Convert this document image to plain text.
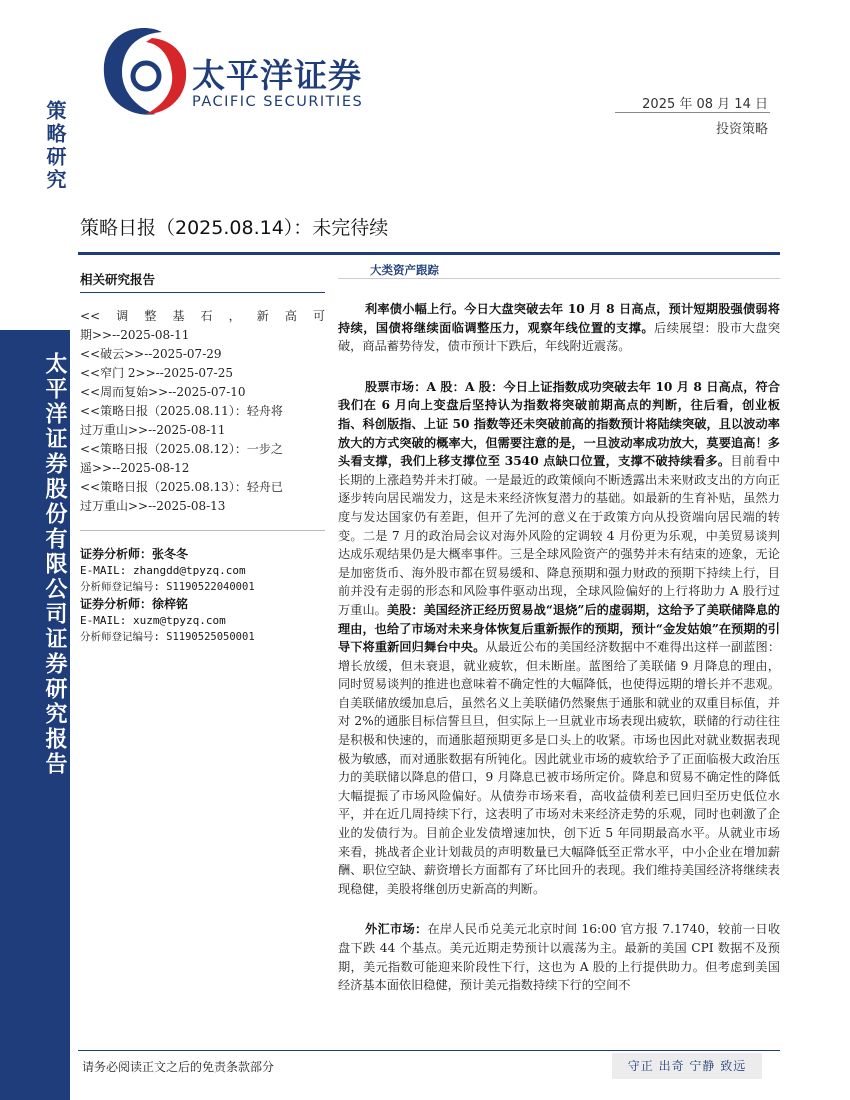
策略研究
太平洋证券股份有限公司证券研究报告
太平洋证券
PACIFIC SECURITIES	2025 年 08 月 14 日
投资策略
策略日报（2025.08.14）：未完待续
相关研究报告

<<调整基石，新高可

期>>--2025-08-11

<<破云>>--2025-07-29

<<窄门 2>>--2025-07-25

<<周而复始>>--2025-07-10

<<策略日报（2025.08.11）：轻舟将

过万重山>>--2025-08-11

<<策略日报（2025.08.12）：一步之

遥>>--2025-08-12

<<策略日报（2025.08.13）：轻舟已

过万重山>>--2025-08-13

证券分析师：张冬冬
E-MAIL: zhangdd@tpyzq.com
分析师登记编号: S1190522040001
证券分析师：徐梓铭
E-MAIL: xuzm@tpyzq.com
分析师登记编号: S1190525050001
大类资产跟踪

利率债小幅上行。今日大盘突破去年 10 月 8 日高点，预计短期股强债弱将持续，国债将继续面临调整压力，观察年线位置的支撑。后续展望：股市大盘突破，商品蓄势待发，债市预计下跌后，年线附近震荡。

股票市场：A 股：A 股：今日上证指数成功突破去年 10 月 8 日高点，符合我们在 6 月向上变盘后坚持认为指数将突破前期高点的判断，往后看，创业板指、科创版指、上证 50 指数等还未突破前高的指数预计将陆续突破，且以波动率放大的方式突破的概率大，但需要注意的是，一旦波动率成功放大，莫要追高！多头看支撑，我们上移支撑位至 3540 点缺口位置，支撑不破持续看多。目前看中长期的上涨趋势并未打破。一是最近的政策倾向不断透露出未来财政支出的方向正逐步转向居民端发力，这是未来经济恢复潜力的基础。如最新的生育补贴，虽然力度与发达国家仍有差距，但开了先河的意义在于政策方向从投资端向居民端的转变。二是 7 月的政治局会议对海外风险的定调较 4 月份更为乐观，中美贸易谈判达成乐观结果仍是大概率事件。三是全球风险资产的强势并未有结束的迹象，无论是加密货币、海外股市都在贸易缓和、降息预期和强力财政的预期下持续上行，目前并没有走弱的形态和风险事件驱动出现，全球风险偏好的上行将助力 A 股行过万重山。美股：美国经济正经历贸易战“退烧”后的虚弱期，这给予了美联储降息的理由，也给了市场对未来身体恢复后重新振作的预期，预计“金发姑娘”在预期的引导下将重新回归舞台中央。从最近公布的美国经济数据中不难得出这样一副蓝图：增长放缓，但未衰退，就业疲软，但未断崖。蓝图给了美联储 9 月降息的理由，同时贸易谈判的推进也意味着不确定性的大幅降低，也使得远期的增长并不悲观。自美联储放缓加息后，虽然名义上美联储仍然聚焦于通胀和就业的双重目标值，并对 2%的通胀目标信誓旦旦，但实际上一旦就业市场表现出疲软，联储的行动往往是积极和快速的，而通胀超预期更多是口头上的收紧。市场也因此对就业数据表现极为敏感，而对通胀数据有所钝化。因此就业市场的疲软给予了正面临极大政治压力的美联储以降息的借口，9 月降息已被市场所定价。降息和贸易不确定性的降低大幅提振了市场风险偏好。从债券市场来看，高收益债利差已回归至历史低位水平，并在近几周持续下行，这表明了市场对未来经济走势的乐观，同时也刺激了企业的发债行为。目前企业发债增速加快，创下近 5 年同期最高水平。从就业市场来看，挑战者企业计划裁员的声明数量已大幅降低至正常水平，中小企业在增加薪酬、职位空缺、薪资增长方面都有了环比回升的表现。我们维持美国经济将继续表现稳健，美股将继创历史新高的判断。

外汇市场：在岸人民币兑美元北京时间 16:00 官方报 7.1740，较前一日收盘下跌 44 个基点。美元近期走势预计以震荡为主。最新的美国 CPI 数据不及预期，美元指数可能迎来阶段性下行，这也为 A 股的上行提供助力。但考虑到美国经济基本面依旧稳健，预计美元指数持续下行的空间不

请务必阅读正文之后的免责条款部分	守正 出奇 宁静 致远
